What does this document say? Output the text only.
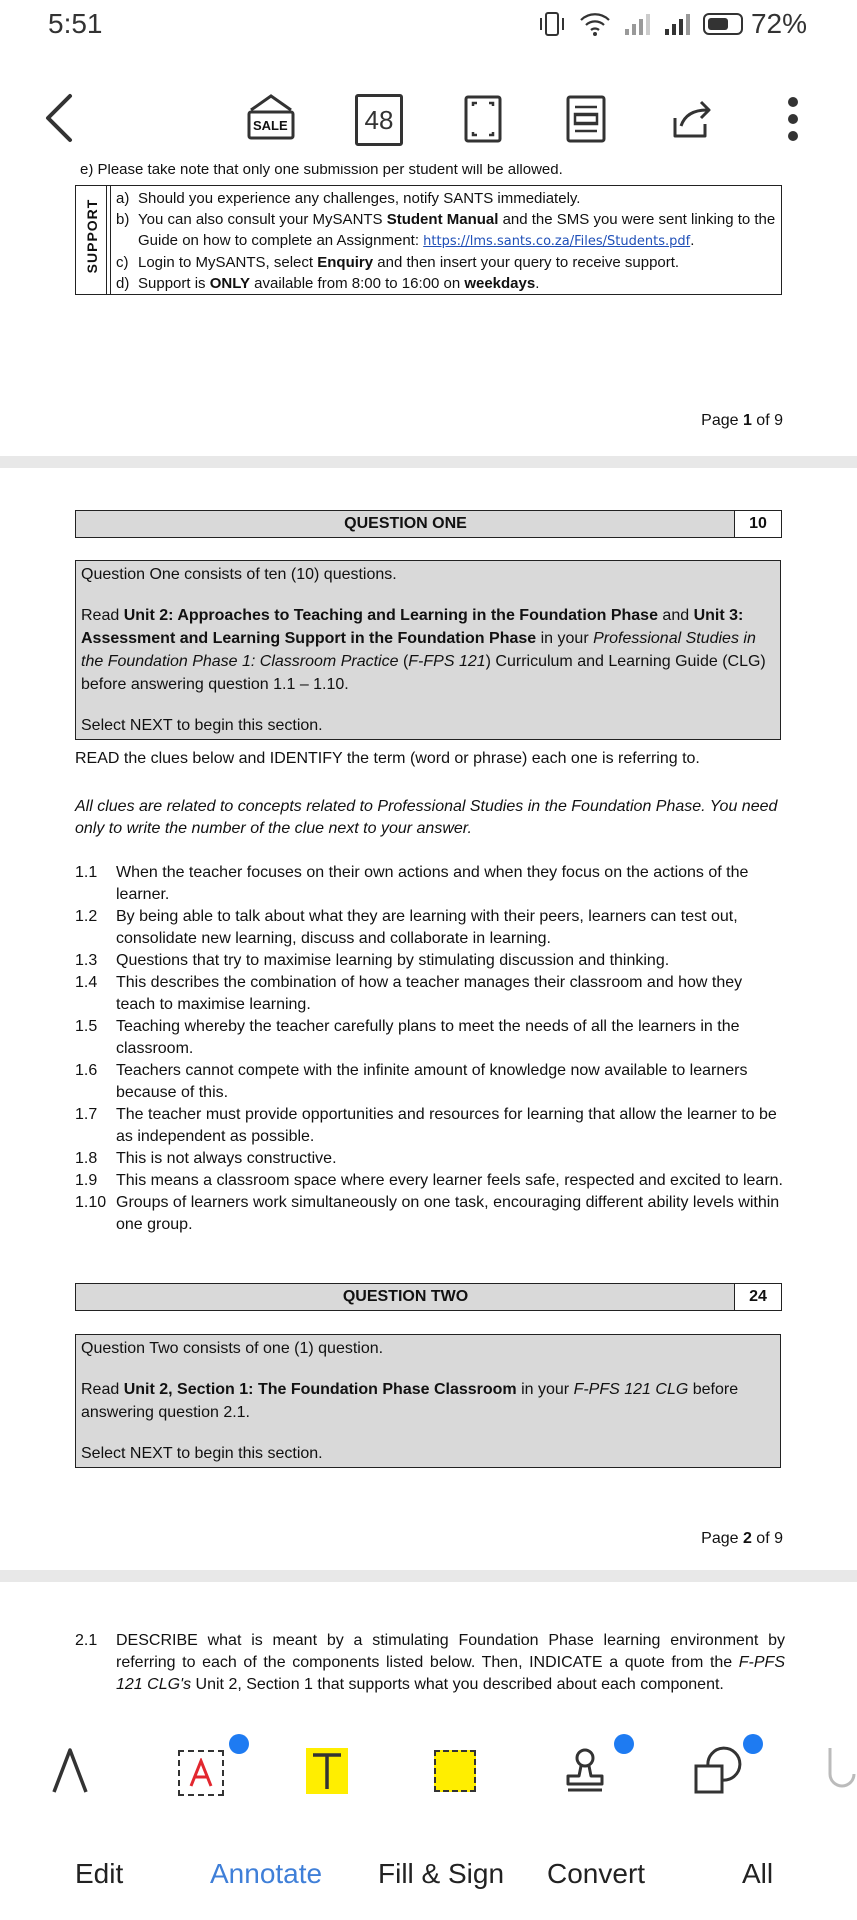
5:51	72%
SALE	48
e) Please take note that only one submission per student will be allowed.
SUPPORT
a) Should you experience any challenges, notify SANTS immediately.
b) You can also consult your MySANTS Student Manual and the SMS you were sent linking to the Guide on how to complete an Assignment: https://lms.sants.co.za/Files/Students.pdf.
c) Login to MySANTS, select Enquiry and then insert your query to receive support.
d) Support is ONLY available from 8:00 to 16:00 on weekdays.
Page 1 of 9
QUESTION ONE	10

Question One consists of ten (10) questions.

Read Unit 2: Approaches to Teaching and Learning in the Foundation Phase and Unit 3: Assessment and Learning Support in the Foundation Phase in your Professional Studies in the Foundation Phase 1: Classroom Practice (F-FPS 121) Curriculum and Learning Guide (CLG) before answering question 1.1 – 1.10.

Select NEXT to begin this section.

READ the clues below and IDENTIFY the term (word or phrase) each one is referring to.
All clues are related to concepts related to Professional Studies in the Foundation Phase. You need only to write the number of the clue next to your answer.
1.1	When the teacher focuses on their own actions and when they focus on the actions of the learner.
1.2	By being able to talk about what they are learning with their peers, learners can test out, consolidate new learning, discuss and collaborate in learning.
1.3	Questions that try to maximise learning by stimulating discussion and thinking.
1.4	This describes the combination of how a teacher manages their classroom and how they teach to maximise learning.
1.5	Teaching whereby the teacher carefully plans to meet the needs of all the learners in the classroom.
1.6	Teachers cannot compete with the infinite amount of knowledge now available to learners because of this.
1.7	The teacher must provide opportunities and resources for learning that allow the learner to be as independent as possible.
1.8	This is not always constructive.
1.9	This means a classroom space where every learner feels safe, respected and excited to learn.
1.10 Groups of learners work simultaneously on one task, encouraging different ability levels within one group.
QUESTION TWO	24

Question Two consists of one (1) question.

Read Unit 2, Section 1: The Foundation Phase Classroom in your F-PFS 121 CLG before answering question 2.1.

Select NEXT to begin this section.

Page 2 of 9
2.1	DESCRIBE what is meant by a stimulating Foundation Phase learning environment by referring to each of the components listed below. Then, INDICATE a quote from the F-PFS 121 CLG's Unit 2, Section 1 that supports what you described about each component.
Edit	Annotate Fill & Sign Convert	All
